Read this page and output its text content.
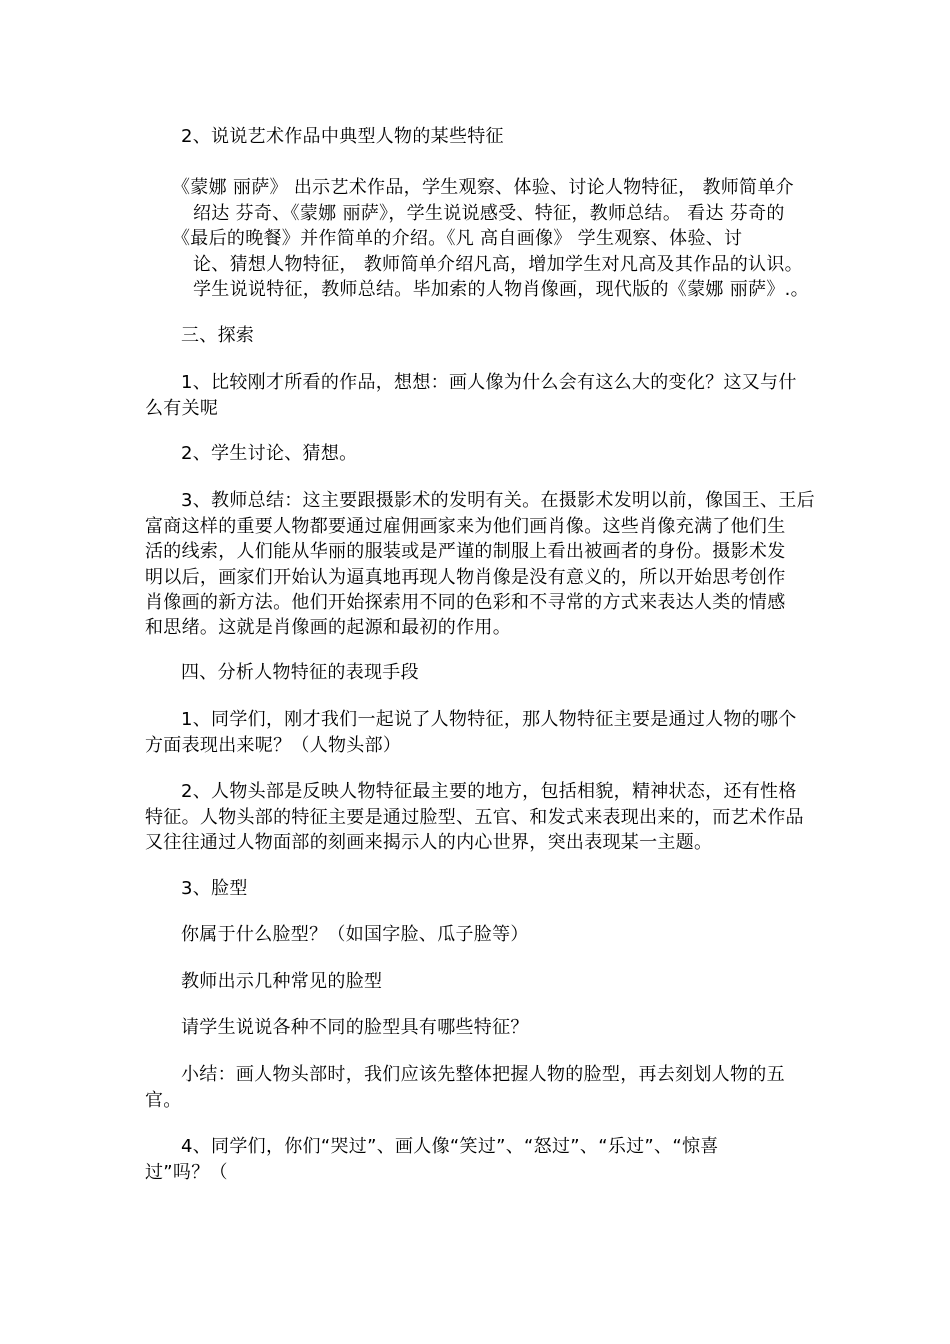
2、说说艺术作品中典型人物的某些特征
《蒙娜 丽萨》 出示艺术作品，学生观察、体验、讨论人物特征， 教师简单介
绍达 芬奇、《蒙娜 丽萨》，学生说说感受、特征，教师总结。 看达 芬奇的
《最后的晚餐》并作简单的介绍。《凡 高自画像》 学生观察、体验、讨
论、猜想人物特征， 教师简单介绍凡高，增加学生对凡高及其作品的认识。
学生说说特征，教师总结。毕加索的人物肖像画，现代版的《蒙娜 丽萨》.。
三、探索
1、比较刚才所看的作品，想想：画人像为什么会有这么大的变化？这又与什
么有关呢
2、学生讨论、猜想。
3、教师总结：这主要跟摄影术的发明有关。在摄影术发明以前，像国王、王后
富商这样的重要人物都要通过雇佣画家来为他们画肖像。这些肖像充满了他们生
活的线索，人们能从华丽的服装或是严谨的制服上看出被画者的身份。摄影术发
明以后，画家们开始认为逼真地再现人物肖像是没有意义的，所以开始思考创作
肖像画的新方法。他们开始探索用不同的色彩和不寻常的方式来表达人类的情感
和思绪。这就是肖像画的起源和最初的作用。
四、分析人物特征的表现手段
1、同学们，刚才我们一起说了人物特征，那人物特征主要是通过人物的哪个
方面表现出来呢？（人物头部）
2、人物头部是反映人物特征最主要的地方，包括相貌，精神状态，还有性格
特征。人物头部的特征主要是通过脸型、五官、和发式来表现出来的，而艺术作品
又往往通过人物面部的刻画来揭示人的内心世界，突出表现某一主题。
3、脸型
你属于什么脸型？（如国字脸、瓜子脸等）
教师出示几种常见的脸型
请学生说说各种不同的脸型具有哪些特征？
小结：画人物头部时，我们应该先整体把握人物的脸型，再去刻划人物的五
官。
4、同学们，你们“哭过”、画人像“笑过”、“怒过”、“乐过”、“惊喜
过”吗？（
